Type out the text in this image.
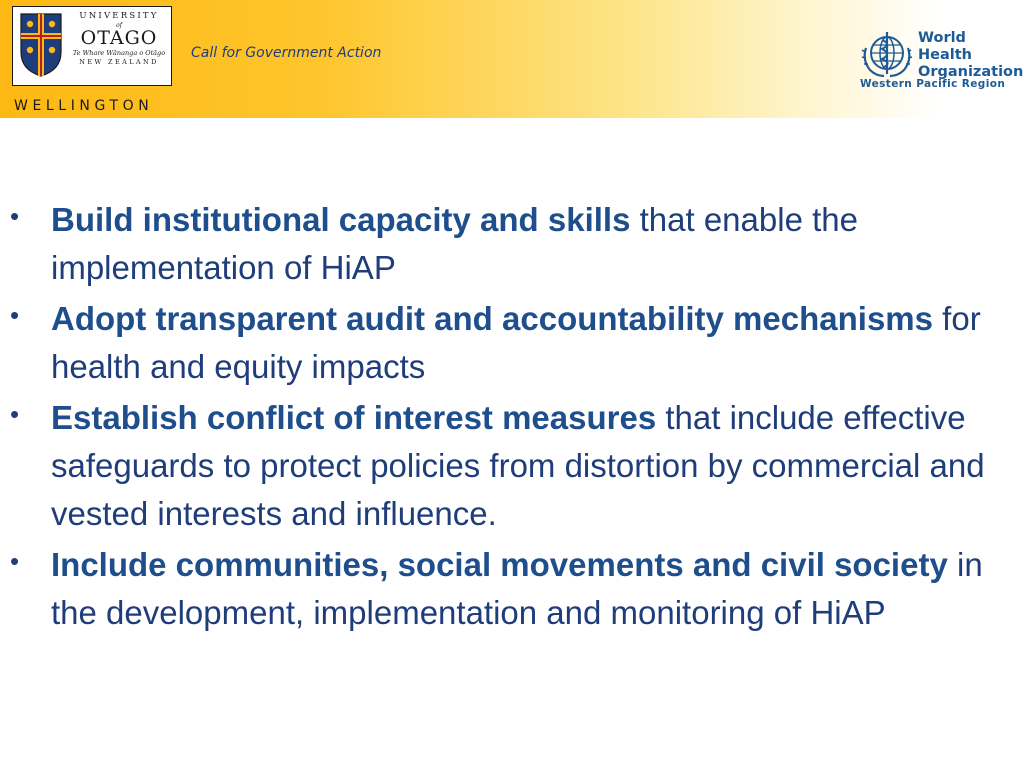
UNIVERSITY
of
OTAGO
Te Whare Wānanga o Otāgo
NEW ZEALAND
WELLINGTON
Call for Government Action
World Health
Organization
Western Pacific Region
• Build institutional capacity and skills that enable the implementation of HiAP
• Adopt transparent audit and accountability mechanisms for health and equity impacts
• Establish conflict of interest measures that include effective safeguards to protect policies from distortion by commercial and vested interests and influence.
• Include communities, social movements and civil society in the development, implementation and monitoring of HiAP
